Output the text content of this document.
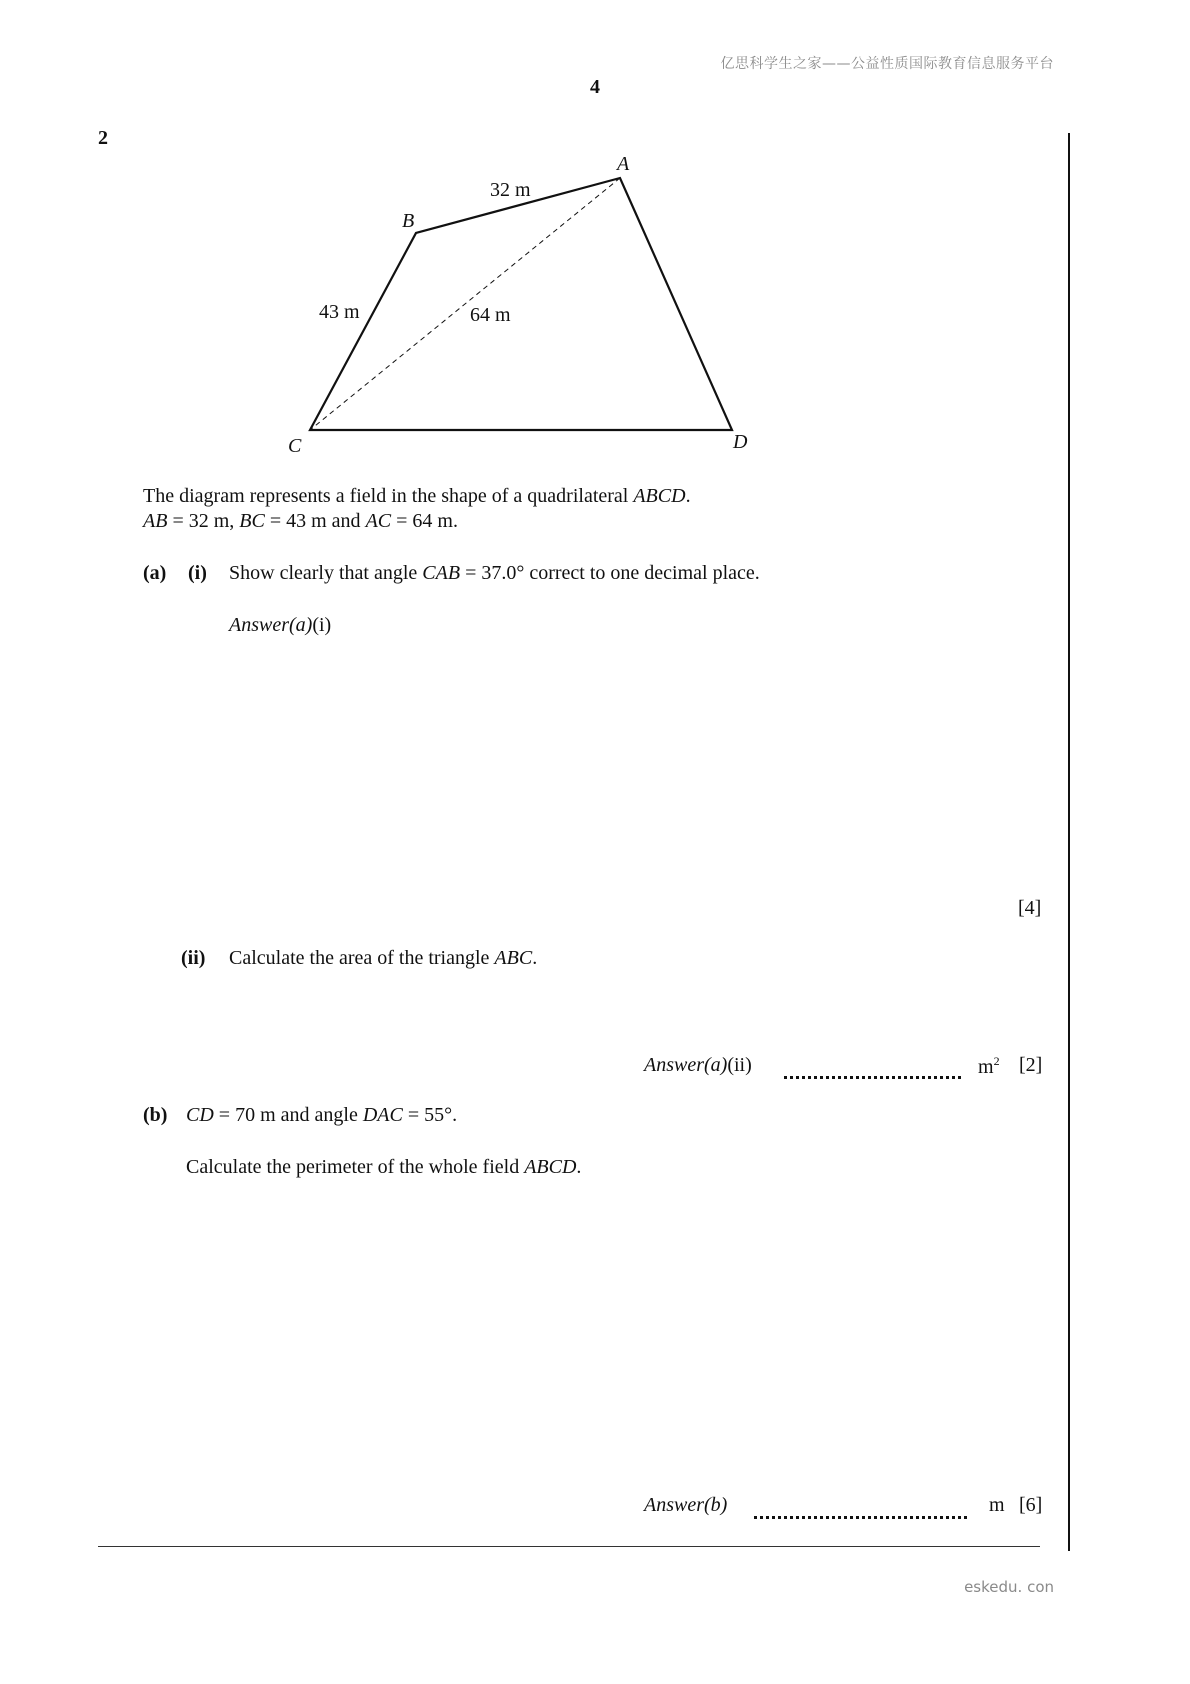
亿思科学生之家——公益性质国际教育信息服务平台
4
2
A
B
C	D
32 m
43 m	64 m
The diagram represents a field in the shape of a quadrilateral ABCD.
AB = 32 m, BC = 43 m and AC = 64 m.
(a) (i) Show clearly that angle CAB = 37.0° correct to one decimal place.
Answer(a)(i)
[4]
(ii) Calculate the area of the triangle ABC.
Answer(a)(ii)	$m^2$ [2]
(b) CD = 70 m and angle DAC = 55°.
Calculate the perimeter of the whole field ABCD.
Answer(b)	m [6]
eskedu. con
